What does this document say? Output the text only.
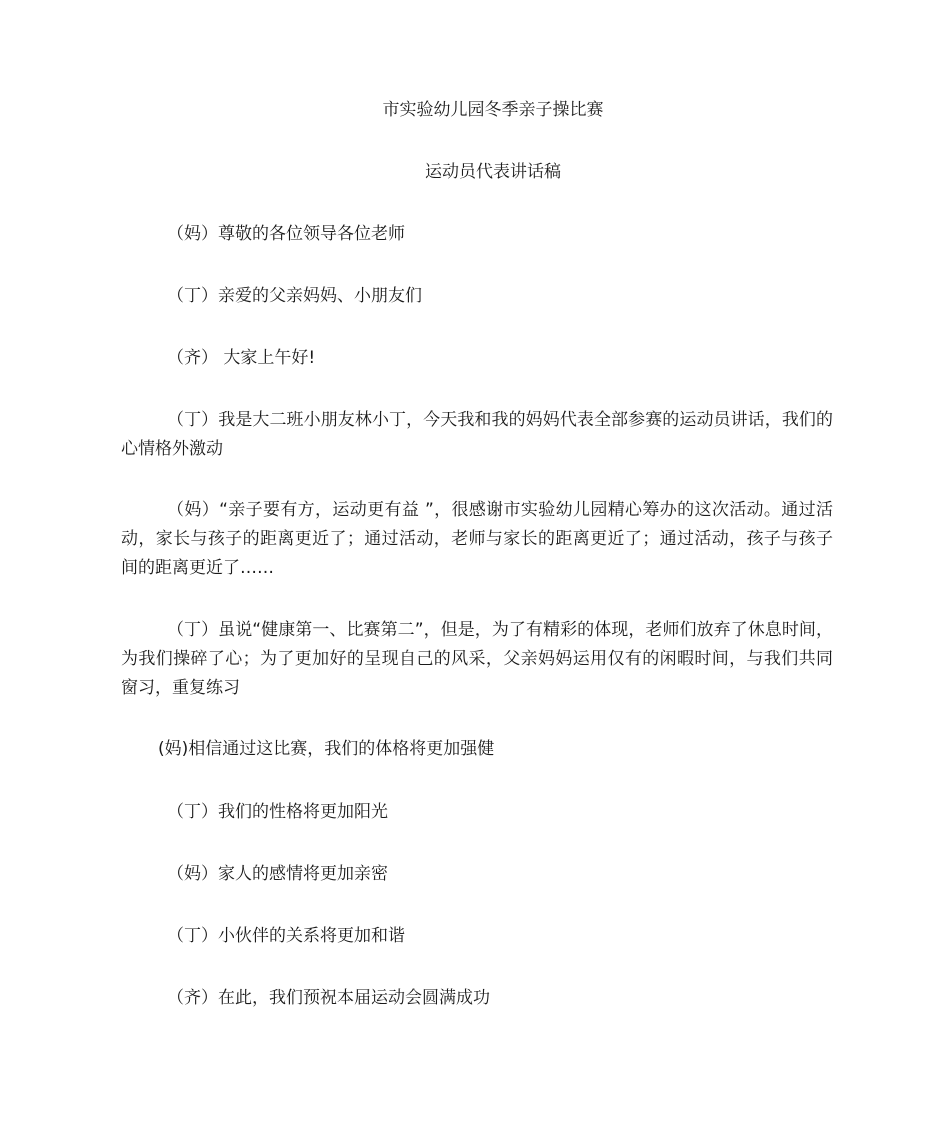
市实验幼儿园冬季亲子操比赛
运动员代表讲话稿
（妈）尊敬的各位领导各位老师
（丁）亲爱的父亲妈妈、小朋友们
（齐） 大家上午好!
（丁）我是大二班小朋友林小丁，今天我和我的妈妈代表全部参赛的运动员讲话，我们的心情格外激动
（妈）“亲子要有方，运动更有益 ”，很感谢市实验幼儿园精心筹办的这次活动。通过活动，家长与孩子的距离更近了；通过活动，老师与家长的距离更近了；通过活动，孩子与孩子间的距离更近了……
（丁）虽说“健康第一、比赛第二”，但是，为了有精彩的体现，老师们放弃了休息时间，为我们操碎了心；为了更加好的呈现自己的风采，父亲妈妈运用仅有的闲暇时间，与我们共同窗习，重复练习
(妈)相信通过这比赛，我们的体格将更加强健
（丁）我们的性格将更加阳光
（妈）家人的感情将更加亲密
（丁）小伙伴的关系将更加和谐
（齐）在此，我们预祝本届运动会圆满成功
